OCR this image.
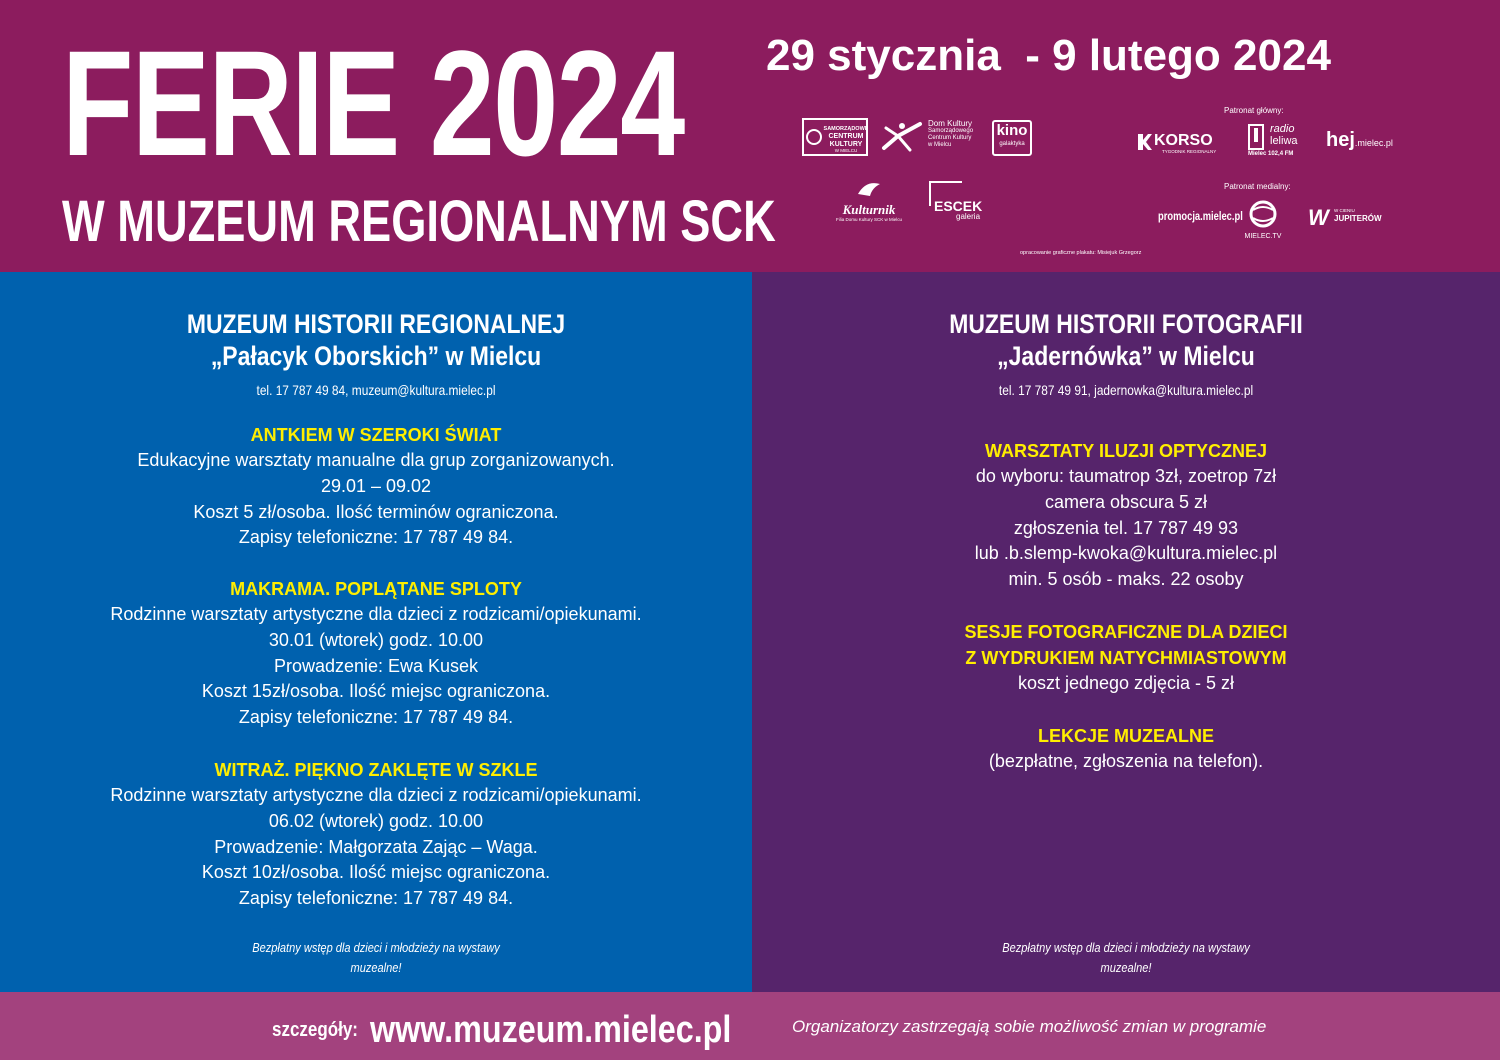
FERIE 2024
W MUZEUM REGIONALNYM SCK
29 stycznia  - 9 lutego 2024
SAMORZĄDOWE
CENTRUM
KULTURY
W MIELCU
Dom Kultury
Samorządowego
Centrum Kultury
w Mielcu
kino
galaktyka
Kulturnik
Filia Domu Kultury SCK w Mielcu
ESCEK
galeria
opracowanie graficzne plakatu: Misiejuk Grzegorz
Patronat główny:
KORSO
TYGODNIK REGIONALNY
radio
leliwa
Mielec 102,4 FM
hej.mielec.pl
Patronat medialny:
promocja.mielec.pl
MIELEC.TV
W W CIENIU
JUPITERÓW
MUZEUM HISTORII REGIONALNEJ
„Pałacyk Oborskich” w Mielcu
tel. 17 787 49 84, muzeum@kultura.mielec.pl
ANTKIEM W SZEROKI ŚWIAT
Edukacyjne warsztaty manualne dla grup zorganizowanych.
29.01 – 09.02
Koszt 5 zł/osoba. Ilość terminów ograniczona.
Zapisy telefoniczne: 17 787 49 84.
MAKRAMA. POPLĄTANE SPLOTY
Rodzinne warsztaty artystyczne dla dzieci z rodzicami/opiekunami.
30.01 (wtorek) godz. 10.00
Prowadzenie: Ewa Kusek
Koszt 15zł/osoba. Ilość miejsc ograniczona.
Zapisy telefoniczne: 17 787 49 84.
WITRAŻ. PIĘKNO ZAKLĘTE W SZKLE
Rodzinne warsztaty artystyczne dla dzieci z rodzicami/opiekunami.
06.02 (wtorek) godz. 10.00
Prowadzenie: Małgorzata Zając – Waga.
Koszt 10zł/osoba. Ilość miejsc ograniczona.
Zapisy telefoniczne: 17 787 49 84.
Bezpłatny wstęp dla dzieci i młodzieży na wystawy
muzealne!
MUZEUM HISTORII FOTOGRAFII
„Jadernówka” w Mielcu
tel. 17 787 49 91, jadernowka@kultura.mielec.pl
WARSZTATY ILUZJI OPTYCZNEJ
do wyboru: taumatrop 3zł, zoetrop 7zł
camera obscura 5 zł
zgłoszenia tel. 17 787 49 93
lub .b.slemp-kwoka@kultura.mielec.pl
min. 5 osób - maks. 22 osoby
SESJE FOTOGRAFICZNE DLA DZIECI
Z WYDRUKIEM NATYCHMIASTOWYM
koszt jednego zdjęcia - 5 zł
LEKCJE MUZEALNE
(bezpłatne, zgłoszenia na telefon).
Bezpłatny wstęp dla dzieci i młodzieży na wystawy
muzealne!
szczegóły: www.muzeum.mielec.pl	Organizatorzy zastrzegają sobie możliwość zmian w programie
